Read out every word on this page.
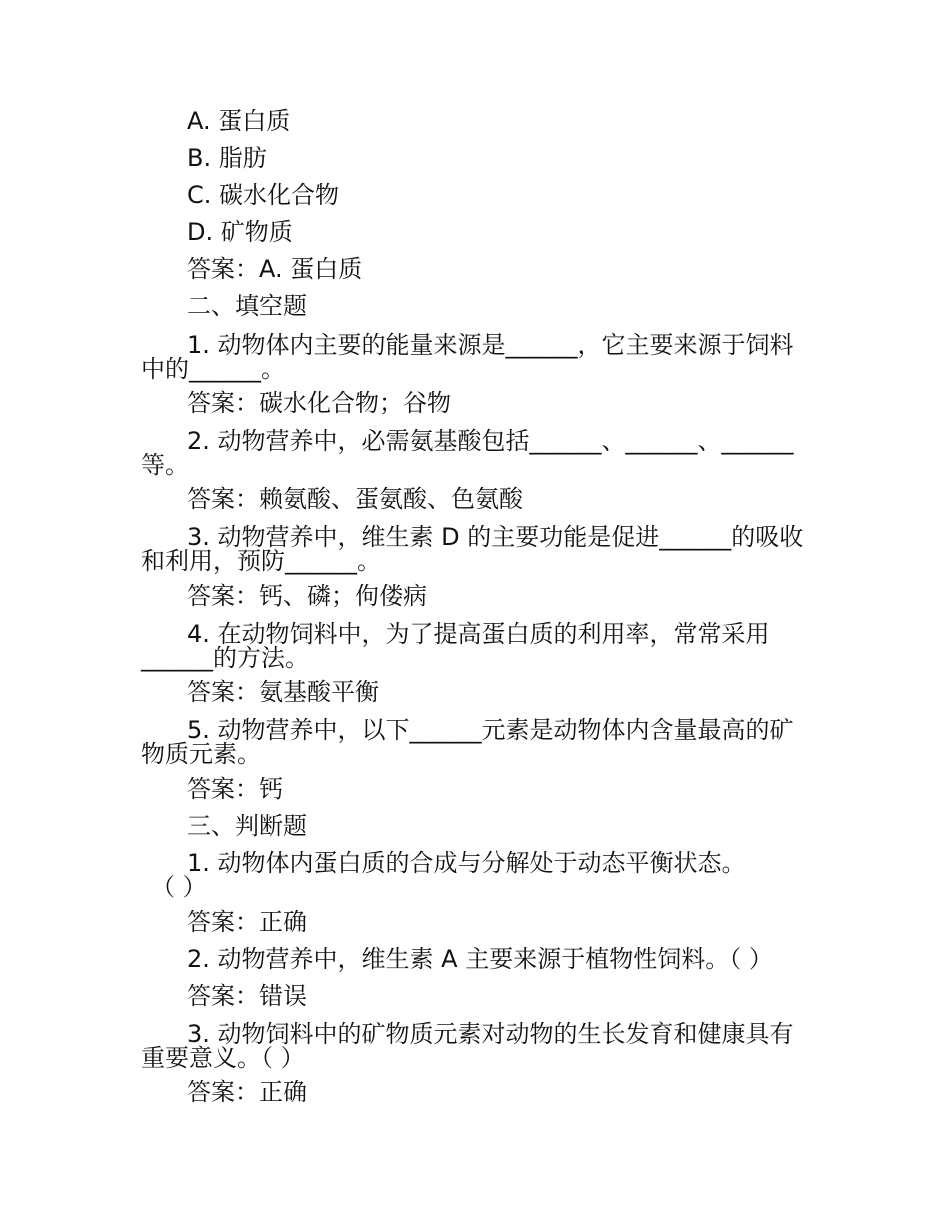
A. 蛋白质
B. 脂肪
C. 碳水化合物
D. 矿物质
答案：A. 蛋白质
二、填空题
1. 动物体内主要的能量来源是______，它主要来源于饲料
中的______。
答案：碳水化合物；谷物
2. 动物营养中，必需氨基酸包括______、______、______
等。
答案：赖氨酸、蛋氨酸、色氨酸
3. 动物营养中，维生素 D 的主要功能是促进______的吸收
和利用，预防______。
答案：钙、磷；佝偻病
4. 在动物饲料中，为了提高蛋白质的利用率，常常采用
______的方法。
答案：氨基酸平衡
5. 动物营养中，以下______元素是动物体内含量最高的矿
物质元素。
答案：钙
三、判断题
1. 动物体内蛋白质的合成与分解处于动态平衡状态。
（ ）
答案：正确
2. 动物营养中，维生素 A 主要来源于植物性饲料。（ ）
答案：错误
3. 动物饲料中的矿物质元素对动物的生长发育和健康具有
重要意义。（ ）
答案：正确
